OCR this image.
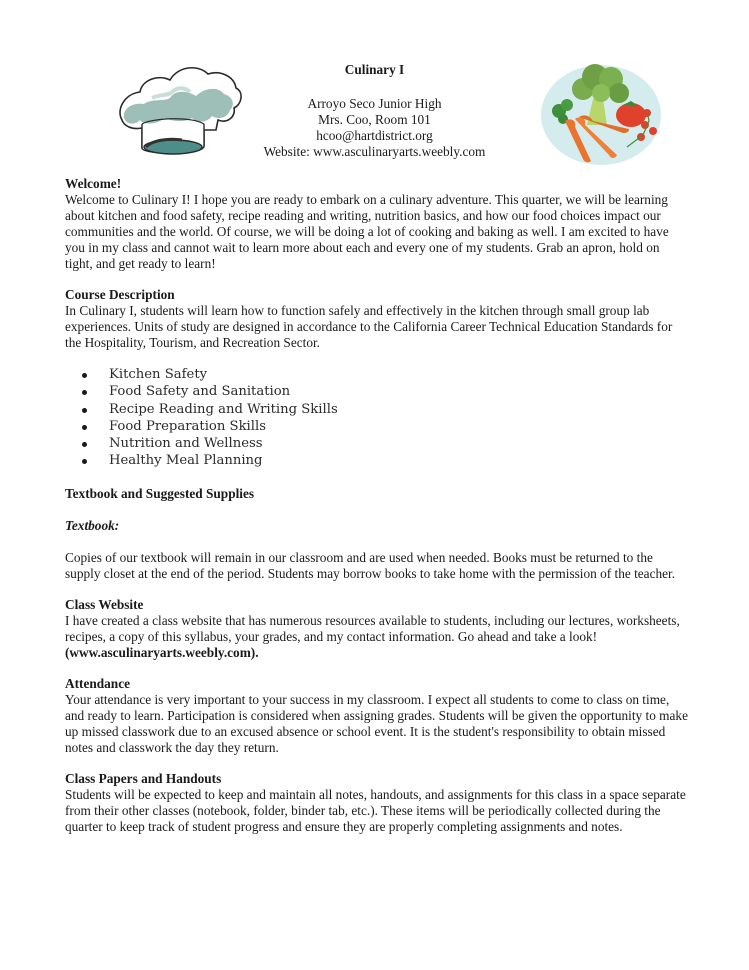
Culinary I
Arroyo Seco Junior High
Mrs. Coo, Room 101
hcoo@hartdistrict.org
Website: www.asculinaryarts.weebly.com
Welcome!
Welcome to Culinary I! I hope you are ready to embark on a culinary adventure. This quarter, we will be learning about kitchen and food safety, recipe reading and writing, nutrition basics, and how our food choices impact our communities and the world. Of course, we will be doing a lot of cooking and baking as well. I am excited to have you in my class and cannot wait to learn more about each and every one of my students. Grab an apron, hold on tight, and get ready to learn!
Course Description
In Culinary I, students will learn how to function safely and effectively in the kitchen through small group lab experiences. Units of study are designed in accordance to the California Career Technical Education Standards for the Hospitality, Tourism, and Recreation Sector.
Kitchen Safety
Food Safety and Sanitation
Recipe Reading and Writing Skills
Food Preparation Skills
Nutrition and Wellness
Healthy Meal Planning
Textbook and Suggested Supplies
Textbook:
Copies of our textbook will remain in our classroom and are used when needed. Books must be returned to the supply closet at the end of the period. Students may borrow books to take home with the permission of the teacher.
Class Website
I have created a class website that has numerous resources available to students, including our lectures, worksheets, recipes, a copy of this syllabus, your grades, and my contact information. Go ahead and take a look!
(www.asculinaryarts.weebly.com).
Attendance
Your attendance is very important to your success in my classroom. I expect all students to come to class on time, and ready to learn. Participation is considered when assigning grades. Students will be given the opportunity to make up missed classwork due to an excused absence or school event. It is the student's responsibility to obtain missed notes and classwork the day they return.
Class Papers and Handouts
Students will be expected to keep and maintain all notes, handouts, and assignments for this class in a space separate from their other classes (notebook, folder, binder tab, etc.). These items will be periodically collected during the quarter to keep track of student progress and ensure they are properly completing assignments and notes.
